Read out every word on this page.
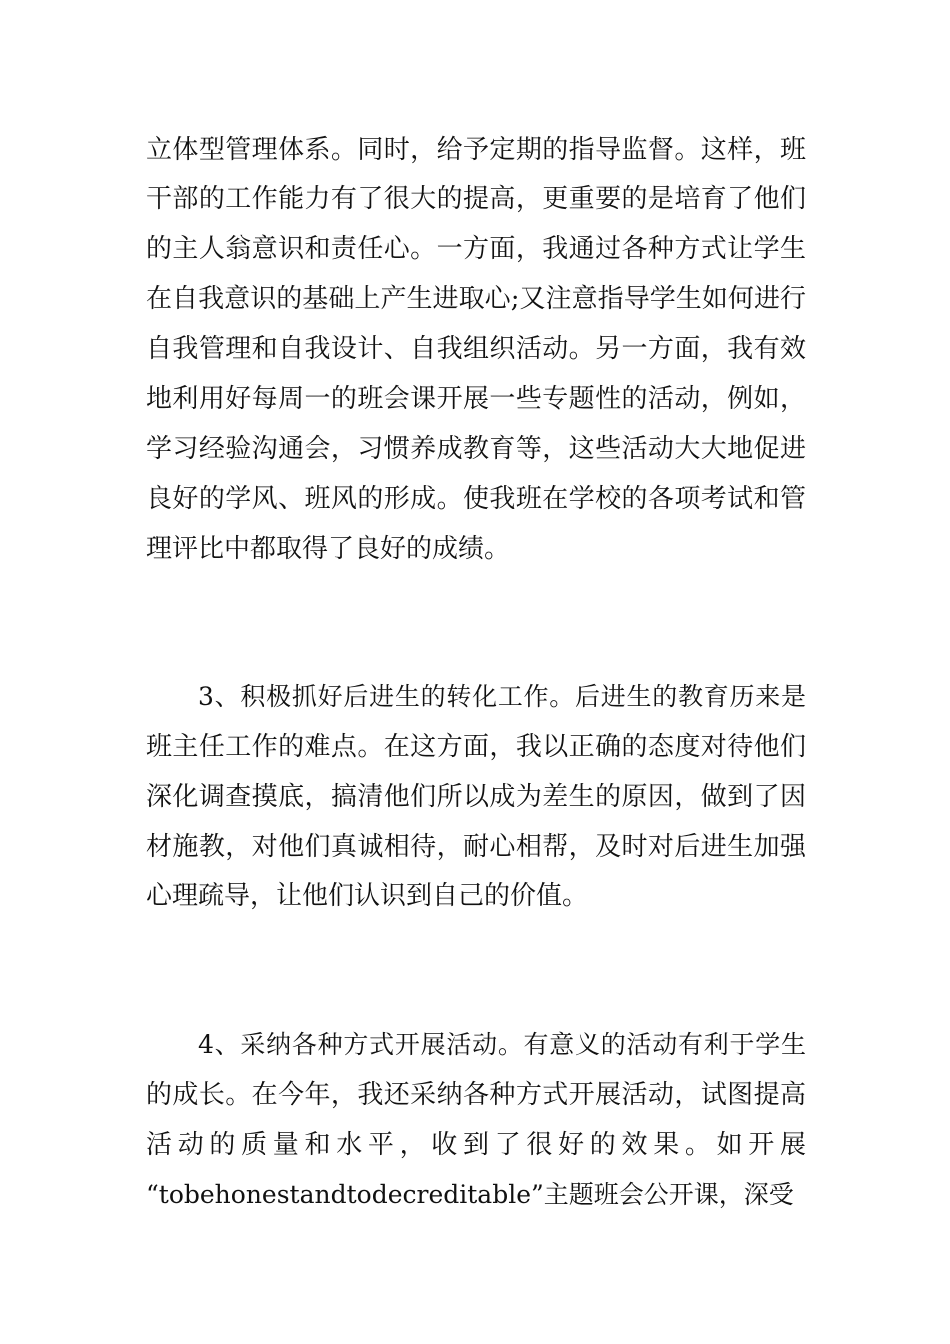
立体型管理体系。同时，给予定期的指导监督。这样，班
干部的工作能力有了很大的提高，更重要的是培育了他们
的主人翁意识和责任心。一方面，我通过各种方式让学生
在自我意识的基础上产生进取心;又注意指导学生如何进行
自我管理和自我设计、自我组织活动。另一方面，我有效
地利用好每周一的班会课开展一些专题性的活动，例如，
学习经验沟通会，习惯养成教育等，这些活动大大地促进
良好的学风、班风的形成。使我班在学校的各项考试和管
理评比中都取得了良好的成绩。
3、积极抓好后进生的转化工作。后进生的教育历来是
班主任工作的难点。在这方面，我以正确的态度对待他们
深化调查摸底，搞清他们所以成为差生的原因，做到了因
材施教，对他们真诚相待，耐心相帮，及时对后进生加强
心理疏导，让他们认识到自己的价值。
4、采纳各种方式开展活动。有意义的活动有利于学生
的成长。在今年，我还采纳各种方式开展活动，试图提高
活动的质量和水平，收到了很好的效果。如开展
“tobehonestandtodecreditable”主题班会公开课，深受
